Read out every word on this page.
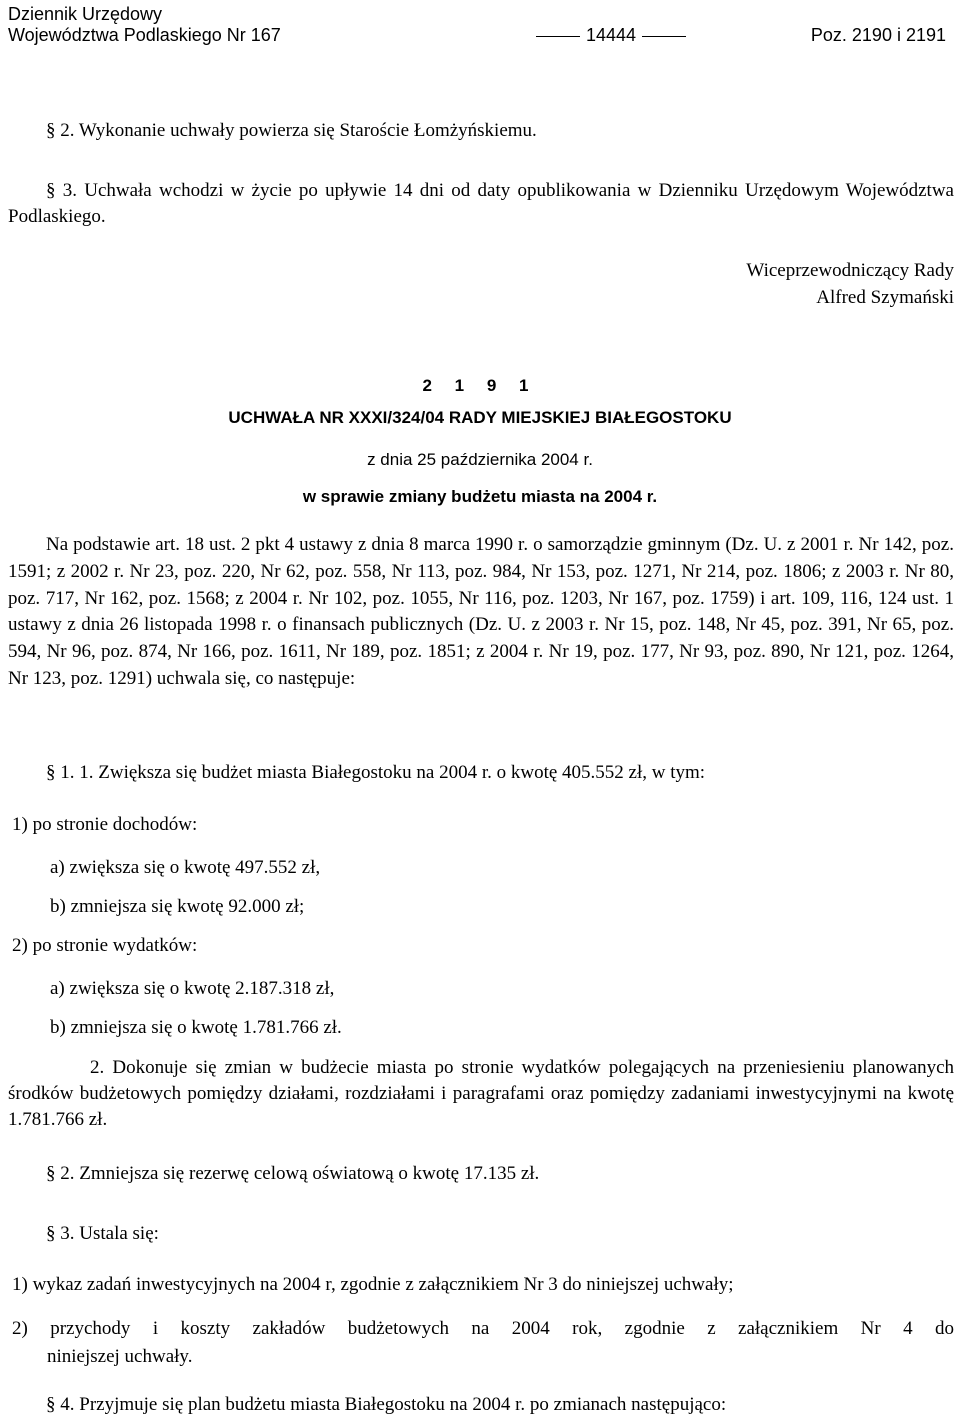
Dziennik Urzędowy
Województwa Podlaskiego Nr 167	14444	Poz. 2190 i 2191
§ 2. Wykonanie uchwały powierza się Staroście Łomżyńskiemu.
§ 3. Uchwała wchodzi w życie po upływie 14 dni od daty opublikowania w Dzienniku Urzędowym Województwa Podlaskiego.
Wiceprzewodniczący Rady
Alfred Szymański
2 1 9 1
UCHWAŁA NR XXXI/324/04 RADY MIEJSKIEJ BIAŁEGOSTOKU
z dnia 25 października 2004 r.
w sprawie zmiany budżetu miasta na 2004 r.
Na podstawie art. 18 ust. 2 pkt 4 ustawy z dnia 8 marca 1990 r. o samorządzie gminnym (Dz. U. z 2001 r. Nr 142, poz. 1591; z 2002 r. Nr 23, poz. 220, Nr 62, poz. 558, Nr 113, poz. 984, Nr 153, poz. 1271, Nr 214, poz. 1806; z 2003 r. Nr 80, poz. 717, Nr 162, poz. 1568; z 2004 r. Nr 102, poz. 1055, Nr 116, poz. 1203, Nr 167, poz. 1759) i art. 109, 116, 124 ust. 1 ustawy z dnia 26 listopada 1998 r. o finansach publicznych (Dz. U. z 2003 r. Nr 15, poz. 148, Nr 45, poz. 391, Nr 65, poz. 594, Nr 96, poz. 874, Nr 166, poz. 1611, Nr 189, poz. 1851; z 2004 r. Nr 19, poz. 177, Nr 93, poz. 890, Nr 121, poz. 1264, Nr 123, poz. 1291) uchwala się, co następuje:
§ 1. 1. Zwiększa się budżet miasta Białegostoku na 2004 r. o kwotę 405.552 zł, w tym:
1) po stronie dochodów:
a) zwiększa się o kwotę 497.552 zł,
b) zmniejsza się kwotę 92.000 zł;
2) po stronie wydatków:
a) zwiększa się o kwotę 2.187.318 zł,
b) zmniejsza się o kwotę 1.781.766 zł.
2. Dokonuje się zmian w budżecie miasta po stronie wydatków polegających na przeniesieniu planowanych środków budżetowych pomiędzy działami, rozdziałami i paragrafami oraz pomiędzy zadaniami inwestycyjnymi na kwotę 1.781.766 zł.
§ 2. Zmniejsza się rezerwę celową oświatową o kwotę 17.135 zł.
§ 3. Ustala się:
1) wykaz zadań inwestycyjnych na 2004 r, zgodnie z załącznikiem Nr 3 do niniejszej uchwały;
2) przychody i koszty zakładów budżetowych na 2004 rok, zgodnie z załącznikiem Nr 4 do
niniejszej uchwały.
§ 4. Przyjmuje się plan budżetu miasta Białegostoku na 2004 r. po zmianach następująco:
